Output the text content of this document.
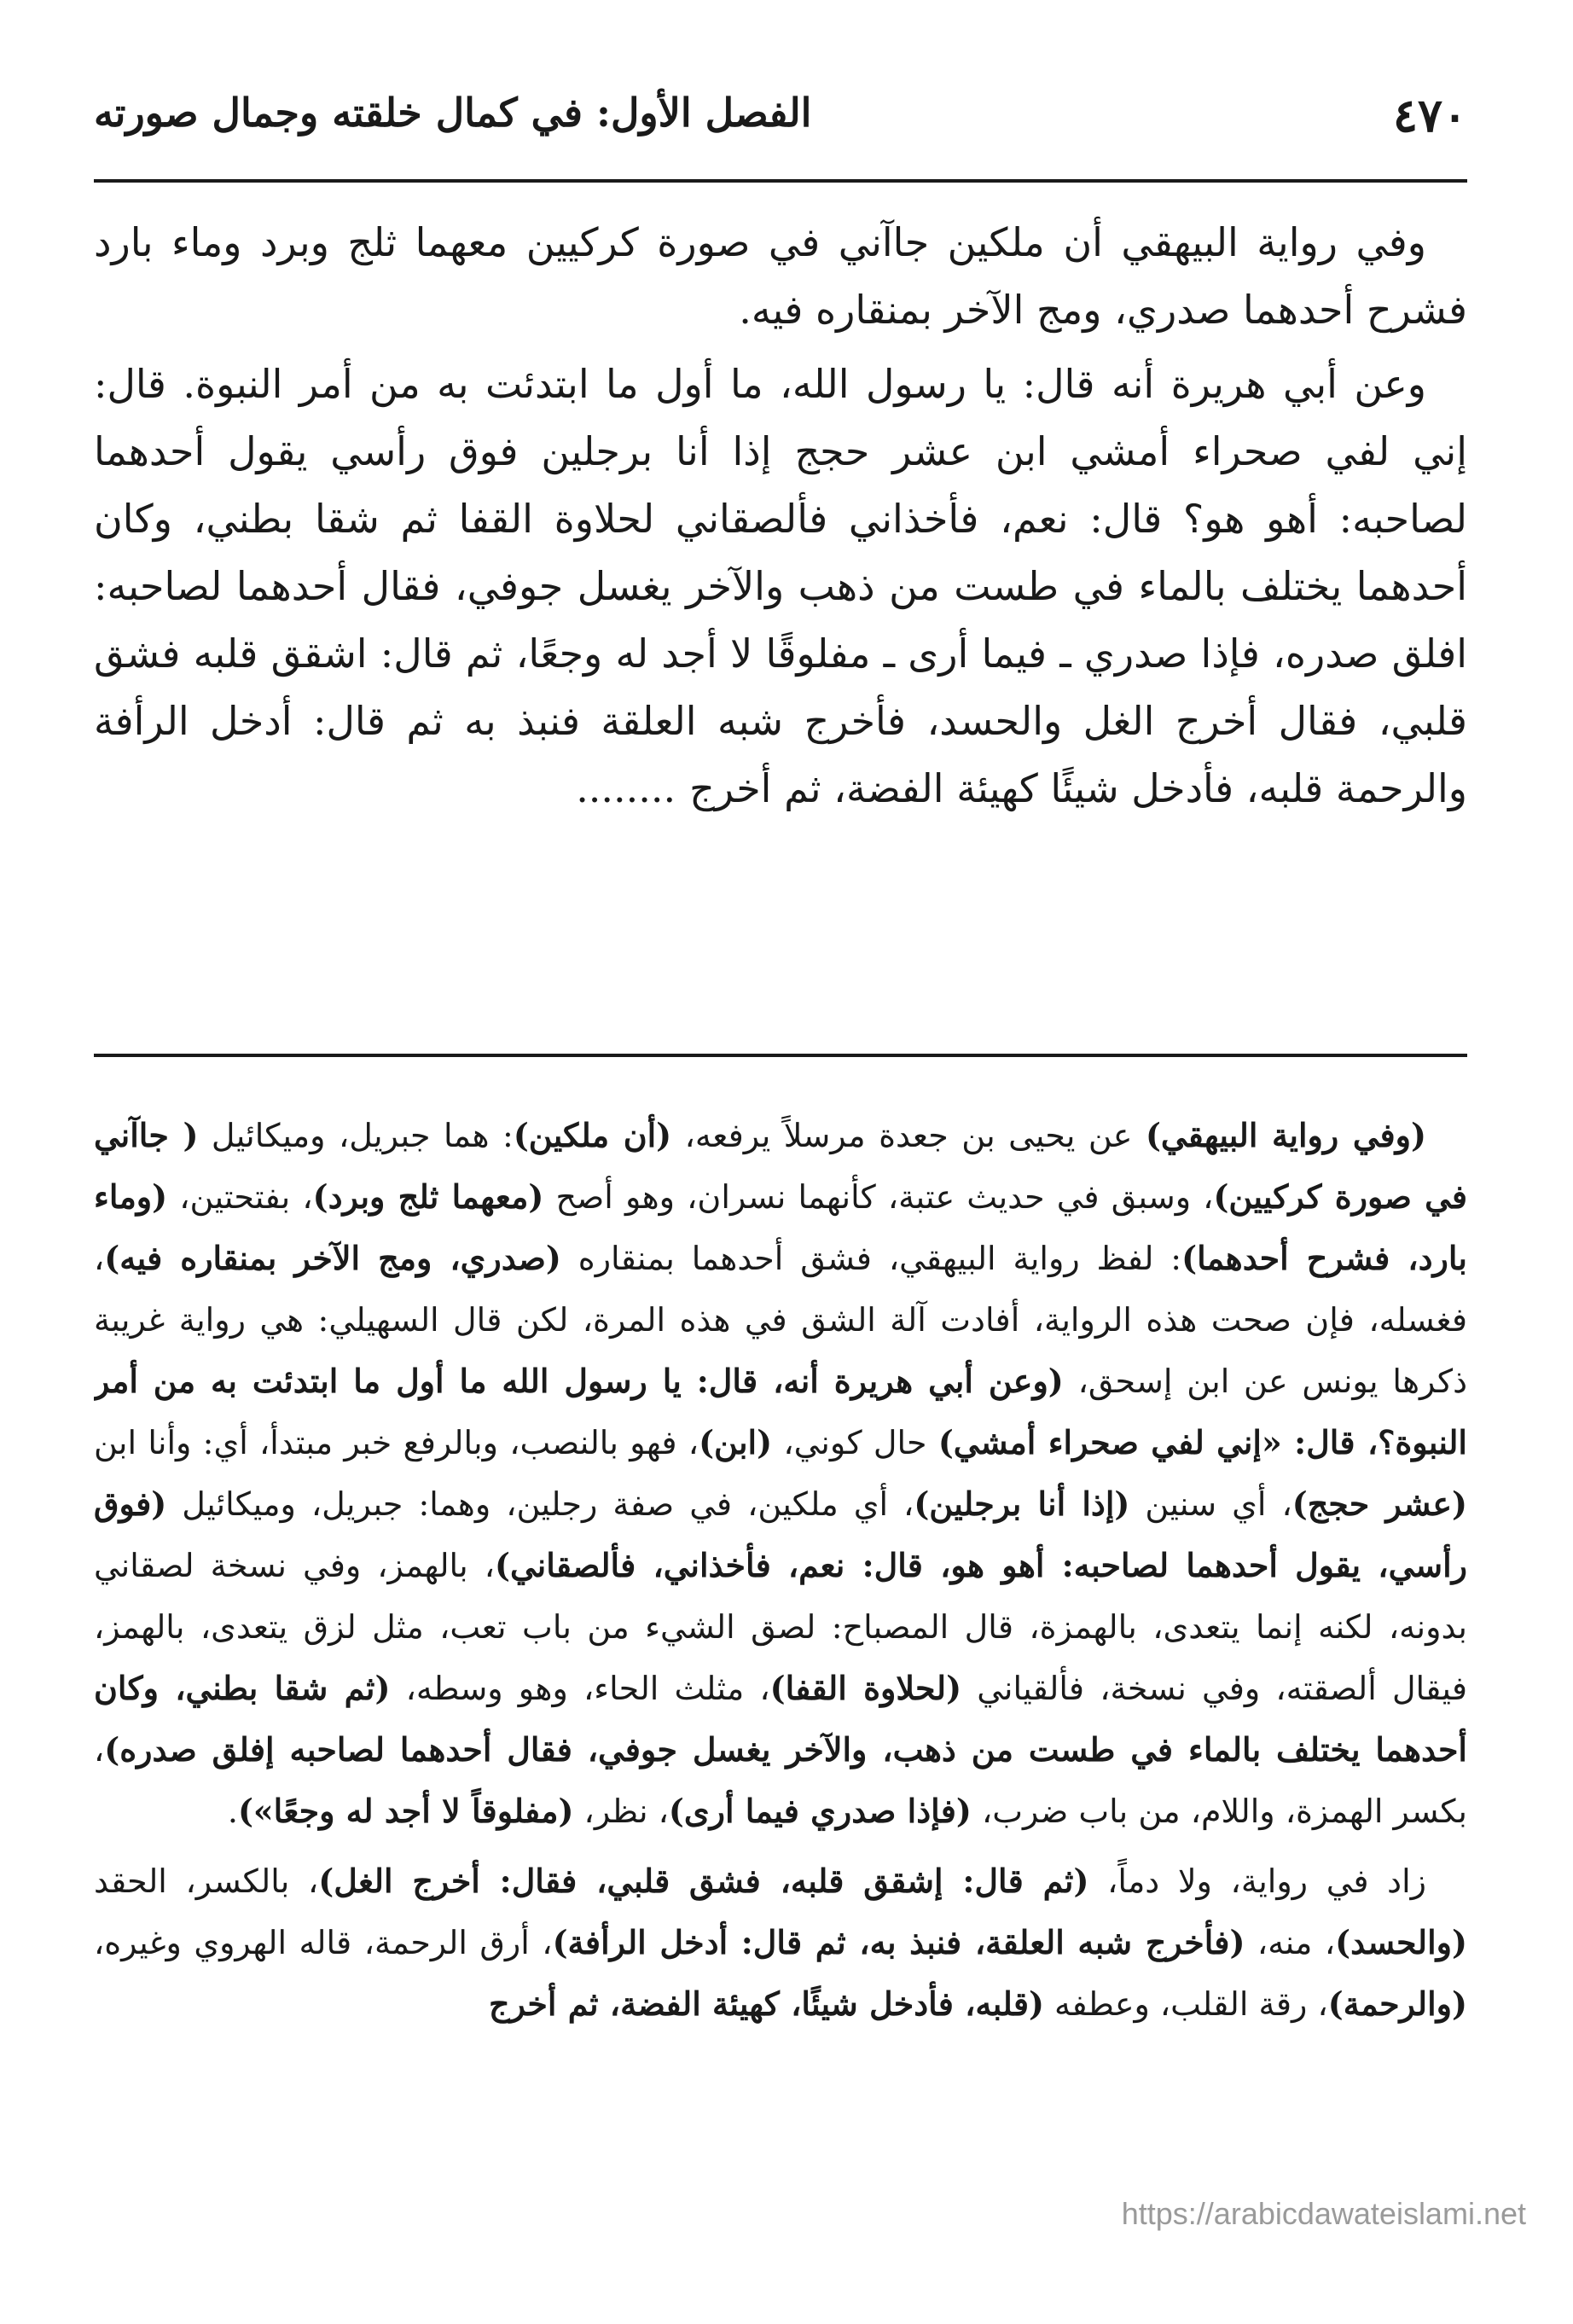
٤٧٠
الفصل الأول: في كمال خلقته وجمال صورته

وفي رواية البيهقي أن ملكين جاآني في صورة كركيين معهما ثلج وبرد وماء بارد فشرح أحدهما صدري، ومج الآخر بمنقاره فيه.

وعن أبي هريرة أنه قال: يا رسول الله، ما أول ما ابتدئت به من أمر النبوة. قال: إني لفي صحراء أمشي ابن عشر حجج إذا أنا برجلين فوق رأسي يقول أحدهما لصاحبه: أهو هو؟ قال: نعم، فأخذاني فألصقاني لحلاوة القفا ثم شقا بطني، وكان أحدهما يختلف بالماء في طست من ذهب والآخر يغسل جوفي، فقال أحدهما لصاحبه: افلق صدره، فإذا صدري ـ فيما أرى ـ مفلوقًا لا أجد له وجعًا، ثم قال: اشقق قلبه فشق قلبي، فقال أخرج الغل والحسد، فأخرج شبه العلقة فنبذ به ثم قال: أدخل الرأفة والرحمة قلبه، فأدخل شيئًا كهيئة الفضة، ثم أخرج........

(وفي رواية البيهقي) عن يحيى بن جعدة مرسلاً يرفعه، (أن ملكين): هما جبريل، وميكائيل ( جاآني في صورة كركيين)، وسبق في حديث عتبة، كأنهما نسران، وهو أصح (معهما ثلج وبرد)، بفتحتين، (وماء بارد، فشرح أحدهما): لفظ رواية البيهقي، فشق أحدهما بمنقاره (صدري، ومج الآخر بمنقاره فيه)، فغسله، فإن صحت هذه الرواية، أفادت آلة الشق في هذه المرة، لكن قال السهيلي: هي رواية غريبة ذكرها يونس عن ابن إسحق، (وعن أبي هريرة أنه، قال: يا رسول الله ما أول ما ابتدئت به من أمر النبوة؟، قال: «إني لفي صحراء أمشي) حال كوني، (ابن)، فهو بالنصب، وبالرفع خبر مبتدأ، أي: وأنا ابن (عشر حجج)، أي سنين (إذا أنا برجلين)، أي ملكين، في صفة رجلين، وهما: جبريل، وميكائيل (فوق رأسي، يقول أحدهما لصاحبه: أهو هو، قال: نعم، فأخذاني، فألصقاني)، بالهمز، وفي نسخة لصقاني بدونه، لكنه إنما يتعدى، بالهمزة، قال المصباح: لصق الشيء من باب تعب، مثل لزق يتعدى، بالهمز، فيقال ألصقته، وفي نسخة، فألقياني (لحلاوة القفا)، مثلث الحاء، وهو وسطه، (ثم شقا بطني، وكان أحدهما يختلف بالماء في طست من ذهب، والآخر يغسل جوفي، فقال أحدهما لصاحبه إفلق صدره)، بكسر الهمزة، واللام، من باب ضرب، (فإذا صدري فيما أرى)، نظر، (مفلوقاً لا أجد له وجعًا»).

زاد في رواية، ولا دماً، (ثم قال: إشقق قلبه، فشق قلبي، فقال: أخرج الغل)، بالكسر، الحقد (والحسد)، منه، (فأخرج شبه العلقة، فنبذ به، ثم قال: أدخل الرأفة)، أرق الرحمة، قاله الهروي وغيره، (والرحمة)، رقة القلب، وعطفه (قلبه، فأدخل شيئًا، كهيئة الفضة، ثم أخرج

https://arabicdawateislami.net
